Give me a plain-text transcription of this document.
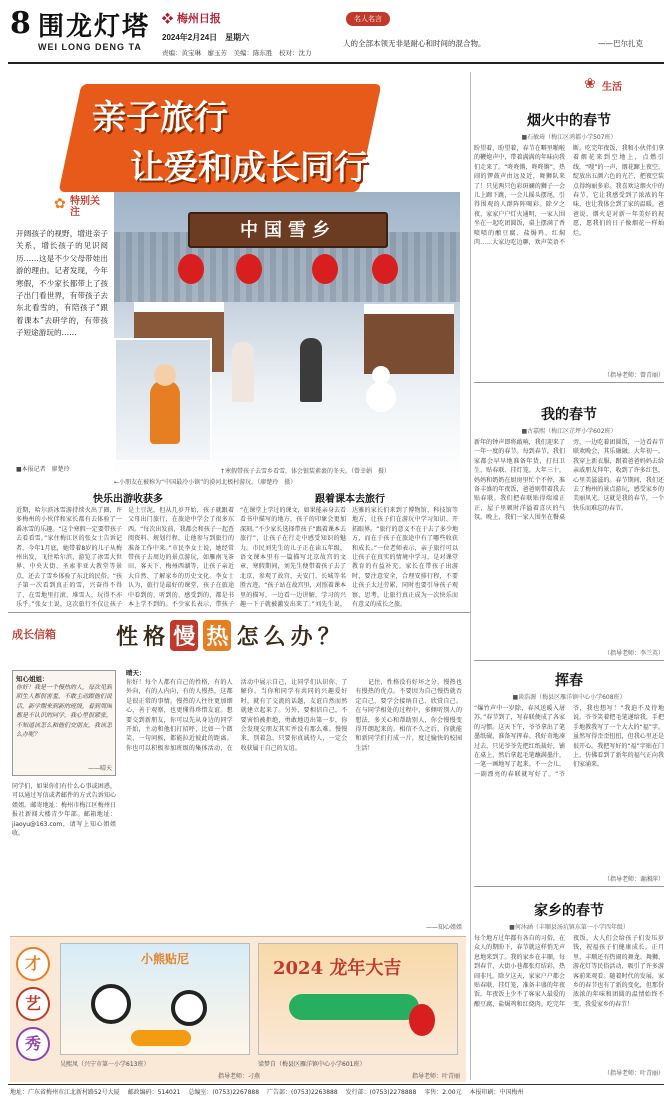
8 围龙灯塔
WEI LONG DENG TA
❖ 梅州日报
2024年2月24日　 星期六
责编：黄宝琳　廖玉芳　美编：陈东胜　校对：沈力
名人名言
人的全部本领无非是耐心和时间的混合物。	——巴尔扎克
亲子旅行
让爱和成长同行
✿ 特别关注
开阔孩子的视野，增进亲子关系，增长孩子的见识阅历……这是不少父母带娃出游的理由。记者发现，今年寒假，不少家长都带上了孩子出门看世界，有带孩子去东北看雪的，有陪孩子“跟着课本”去研学的，有带孩子短途游玩的……
■本报记者　廖楚玲
中国雪乡
↑寒假带孩子去雪乡看雪，体会银装素裹的冬天。（曾幸娟　摄）
←小朋友在被称为“中国最冷小镇”的漠河北极村游玩。（廖楚玲　摄）
快乐出游收获多	跟着课本去旅行
近期，哈尔滨冰雪游持续火出了圈，许多梅州的小伙伴和家长都有去体验了一番冰雪的乐趣。“这个寒假一定要带孩子去看看雪。”家住梅江区的张女士告诉记者，今年1月底，她带着8岁的儿子从梅州出发，飞往哈尔滨，游览了冰雪大世界、中央大街、圣索菲亚大教堂等景点，还去了雪乡体验了东北的民俗。“孩子第一次看到真正的雪，兴奋得不得了，在雪地里打滚、堆雪人，玩得不亦乐乎。”张女士说，这次旅行不仅让孩子
是土豆泥，但从几岁开始，孩子就跟着父母出门旅行，在旅途中学会了很多东西。“每次出发前，我都会和孩子一起查阅资料、规划行程，让他参与到旅行的准备工作中来。”市民李女士说，她经常带孩子去周边的景点游玩，如雁南飞茶田、客天下、梅州西湖等，让孩子亲近大自然、了解家乡的历史文化。李女士认为，旅行是最好的课堂，孩子在旅途中看到的、听到的、感受到的，都是书本上学不到的。不少家长表示，带孩子
“在课堂上学过的课文，如果能亲身去看看书中描写的地方，孩子的印象会更加深刻。”不少家长选择带孩子“跟着课本去旅行”，让孩子在行走中感受知识的魅力。市民刘先生的儿子正在读五年级，语文课本里有一篇描写北京故宫的文章，寒假期间，刘先生便带着孩子去了北京，参观了故宫、天安门、长城等名胜古迹。“孩子站在故宫里，对照着课本里的描写，一边看一边讲解，学习的兴趣一下子就被激发出来了。”刘先生说，
达雅的家长们来到了博物馆、科技馆等地方，让孩子们在游玩中学习知识、开拓眼界。“旅行的意义不在于去了多少地方，而在于孩子在旅途中有了哪些收获和成长。”一位老师表示，亲子旅行可以让孩子在真实的情境中学习，是对课堂教育的有益补充。家长在带孩子出游时，要注意安全，合理安排行程，不要让孩子太过劳累，同时也要引导孩子观察、思考，让旅行真正成为一次快乐而有意义的成长之旅。
❀ 生活
烟火中的春节
■石敏琦（梅江区鸿都小学507班）
盼望着，盼望着，春节在噼里啪啦的鞭炮声中，带着满满的年味向我们走来了。“咚咚锵，咚咚锵”，热闹的锣鼓声由远及近，舞狮队来了！只见两只色彩斑斓的狮子一会儿上蹿下跳，一会儿摇头摆尾，引得围观的人群阵阵喝彩。除夕之夜，家家户户灯火通明，一家人围坐在一起吃团圆饭，桌上摆满了香喷喷的酿豆腐、盐焗鸡、红焖肉……大家边吃边聊，欢声笑语不断。吃完年夜饭，我和小伙伴们拿着烟花来到空地上，点燃引线，“嗖”的一声，烟花蹿上夜空，绽放出五颜六色的光芒，把夜空装点得绚丽多彩。我喜欢这烟火中的春节，它让我感受到了浓浓的年味，也让我体会到了家的温暖。爸爸说，烟火是对新一年美好的祝愿，愿我们的日子像烟花一样灿烂。
（指导老师：曾青丽）
我的春节
■古嘉熙（梅江区芷坪小学602班）
新年的钟声即将敲响，我们迎来了一年一度的春节。每到春节，我们家都会早早地准备年货，打扫卫生，贴春联、挂灯笼。大年三十，妈妈和奶奶在厨房里忙个不停，准备丰盛的年夜饭，爸爸则带着我去贴春联。我们把春联贴得端端正正，屋子里顿时洋溢着喜庆的气氛。晚上，我们一家人围坐在餐桌旁，一边吃着团圆饭，一边看春节联欢晚会，其乐融融。大年初一，我穿上新衣服，跟着爸爸妈妈去给亲戚朋友拜年，收到了许多红包，心里美滋滋的。春节期间，我们还去了梅州的景点游玩，感受家乡的美丽风光。这就是我的春节，一个快乐而难忘的春节。
（指导老师：李兰英）
挥春
■谈浩源（梅县区雁洋镇中心小学608班）
“爆竹声中一岁除，春风送暖入屠苏。”春节到了，写春联便成了各家的习惯。这天下午，爷爷拿出了笔墨纸砚，准备写挥春。我好奇地凑过去，只见爷爷先把红纸裁好，铺在桌上，然后拿起毛笔蘸满墨汁，一笔一画地写了起来。不一会儿，一副漂亮的春联就写好了。“爷爷，我也想写！”我迫不及待地说。爷爷笑着把毛笔递给我，手把手地教我写了一个大大的“福”字。虽然写得歪歪扭扭，但我心里还是很开心。我把写好的“福”字贴在门上，仿佛看到了新年的福气正向我们家涌来。
（指导老师：谢湘萍）
家乡的春节
■何沐涵（丰顺县汤坑镇东第一小学四年级）
每个地方过年都有各自的习俗，在众人的期盼下，春节就这样悄无声息地来到了。我的家乡在丰顺，每到春节，大街小巷都张灯结彩，热闹非凡。除夕这天，家家户户都会贴春联、挂灯笼，准备丰盛的年夜饭。年夜饭上少不了客家人最爱的酿豆腐、盐焗鸡和红烧肉。吃完年夜饭，大人们会给孩子们发压岁钱，祝福孩子们健康成长。正月里，丰顺还有热闹的舞龙、舞狮、游花灯等民俗活动，吸引了许多游客前来观看。随着时代的发展，家乡的春节也有了新的变化，但那份浓浓的年味和团圆的温情始终不变。我爱家乡的春节！
（指导老师：叶青丽）
成长信箱	性 格 慢 热 怎 么 办 ？
知心姐姐：
你好！我是一个慢热的人，每次见到陌生人都很害羞，不敢主动跟他们说话，新学期来到新的班级，看到周围都是不认识的同学，我心里很紧张，不知道该怎么和他们交朋友，我该怎么办呢？
——晴天
同学们，如果你们有什么心事或困惑，可以通过写信或者邮件的方式告诉知心姐姐。邮寄地址：梅州市梅江区梅州日报社新闻大楼青少年部。邮箱地址：jiaoyu@163.com，请写上知心姐姐收。
晴天：
你好！每个人都有自己的性格，有的人外向，有的人内向，有的人慢热，这都是很正常的事情。慢热的人往往更加细心，善于观察，也更懂得珍惜友谊。想要交到新朋友，你可以先从身边的同学开始，主动和他们打招呼，比如一个微笑、一句问候，都能拉近彼此的距离。你也可以积极参加班级的集体活动，在活动中展示自己，让同学们认识你、了解你。当你和同学有共同的兴趣爱好时，就有了交流的话题，友谊自然而然就建立起来了。另外，要相信自己，不要害怕被拒绝，勇敢地迈出第一步，你会发现交朋友其实并没有那么难。慢慢来，别着急，只要你真诚待人，一定会收获属于自己的友谊。
　　记住，性格没有好坏之分，慢热也有慢热的优点。不要因为自己慢热就否定自己，要学会接纳自己、欣赏自己。在与同学相处的过程中，多倾听别人的想法，多关心和帮助别人，你会慢慢变得开朗起来的。相信不久之后，你就能和新同学们打成一片，度过愉快的校园生活！
——知心姐姐
才
艺
秀
小熊贴尼
吴熙凤（兴宁市第一小学613班）
指导老师：刁燕
2024 龙年大吉
梁梦自（梅县区雁洋镇中心小学601班）
指导老师：叶青丽
地址：广东省梅州市江北新村路52号大厦　 邮政编码：514021　 总编室：(0753)2267888　 广告部：(0753)2263888　 发行部：(0753)2278888　 零售：2.00元　 本报印刷：中国梅州
